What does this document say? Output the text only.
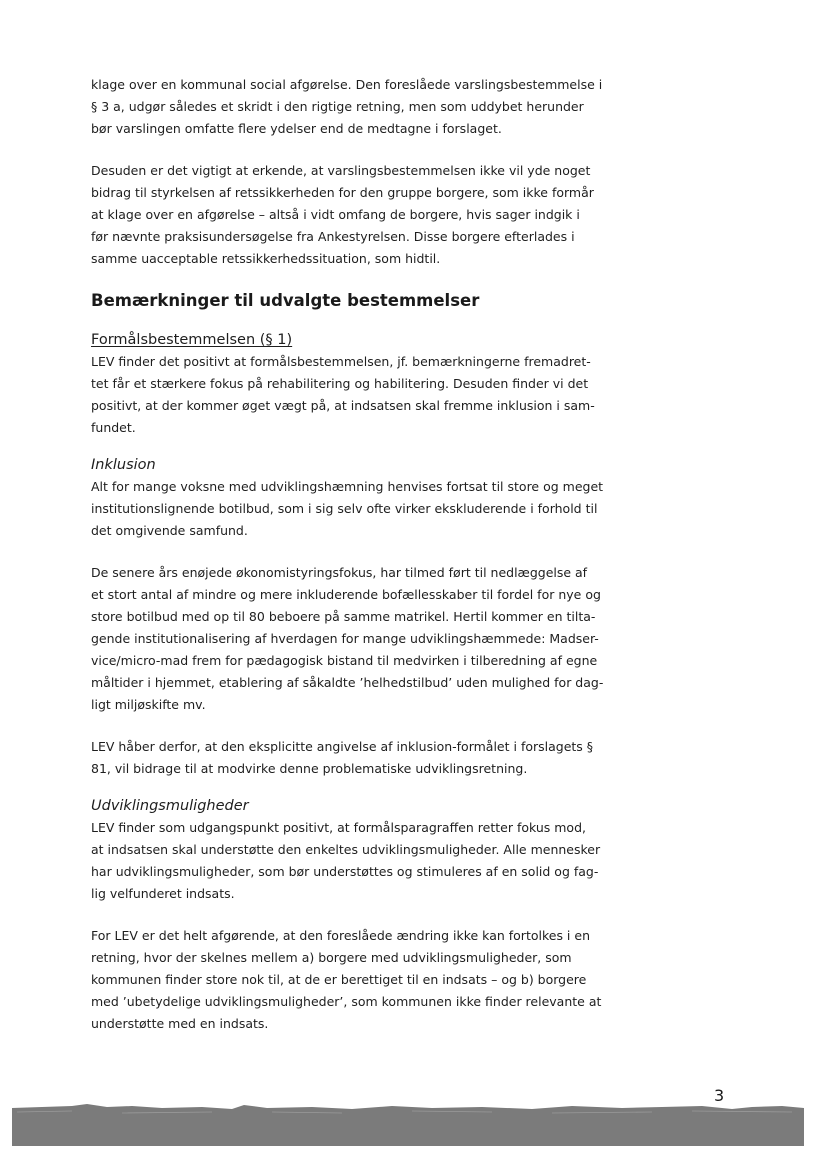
klage over en kommunal social afgørelse. Den foreslåede varslingsbestemmelse i
§ 3 a, udgør således et skridt i den rigtige retning, men som uddybet herunder
bør varslingen omfatte flere ydelser end de medtagne i forslaget.

Desuden er det vigtigt at erkende, at varslingsbestemmelsen ikke vil yde noget
bidrag til styrkelsen af retssikkerheden for den gruppe borgere, som ikke formår
at klage over en afgørelse – altså i vidt omfang de borgere, hvis sager indgik i
før nævnte praksisundersøgelse fra Ankestyrelsen. Disse borgere efterlades i
samme uacceptable retssikkerhedssituation, som hidtil.

Bemærkninger til udvalgte bestemmelser
Formålsbestemmelsen (§ 1)

LEV finder det positivt at formålsbestemmelsen, jf. bemærkningerne fremadret-
tet får et stærkere fokus på rehabilitering og habilitering. Desuden finder vi det
positivt, at der kommer øget vægt på, at indsatsen skal fremme inklusion i sam-
fundet.

Inklusion

Alt for mange voksne med udviklingshæmning henvises fortsat til store og meget
institutionslignende botilbud, som i sig selv ofte virker ekskluderende i forhold til
det omgivende samfund.

De senere års enøjede økonomistyringsfokus, har tilmed ført til nedlæggelse af
et stort antal af mindre og mere inkluderende bofællesskaber til fordel for nye og
store botilbud med op til 80 beboere på samme matrikel. Hertil kommer en tilta-
gende institutionalisering af hverdagen for mange udviklingshæmmede: Madser-
vice/micro-mad frem for pædagogisk bistand til medvirken i tilberedning af egne
måltider i hjemmet, etablering af såkaldte ’helhedstilbud’ uden mulighed for dag-
ligt miljøskifte mv.

LEV håber derfor, at den eksplicitte angivelse af inklusion-formålet i forslagets §
81, vil bidrage til at modvirke denne problematiske udviklingsretning.

Udviklingsmuligheder

LEV finder som udgangspunkt positivt, at formålsparagraffen retter fokus mod,
at indsatsen skal understøtte den enkeltes udviklingsmuligheder. Alle mennesker
har udviklingsmuligheder, som bør understøttes og stimuleres af en solid og fag-
lig velfunderet indsats.

For LEV er det helt afgørende, at den foreslåede ændring ikke kan fortolkes i en
retning, hvor der skelnes mellem a) borgere med udviklingsmuligheder, som
kommunen finder store nok til, at de er berettiget til en indsats – og b) borgere
med ’ubetydelige udviklingsmuligheder’, som kommunen ikke finder relevante at
understøtte med en indsats.

3
